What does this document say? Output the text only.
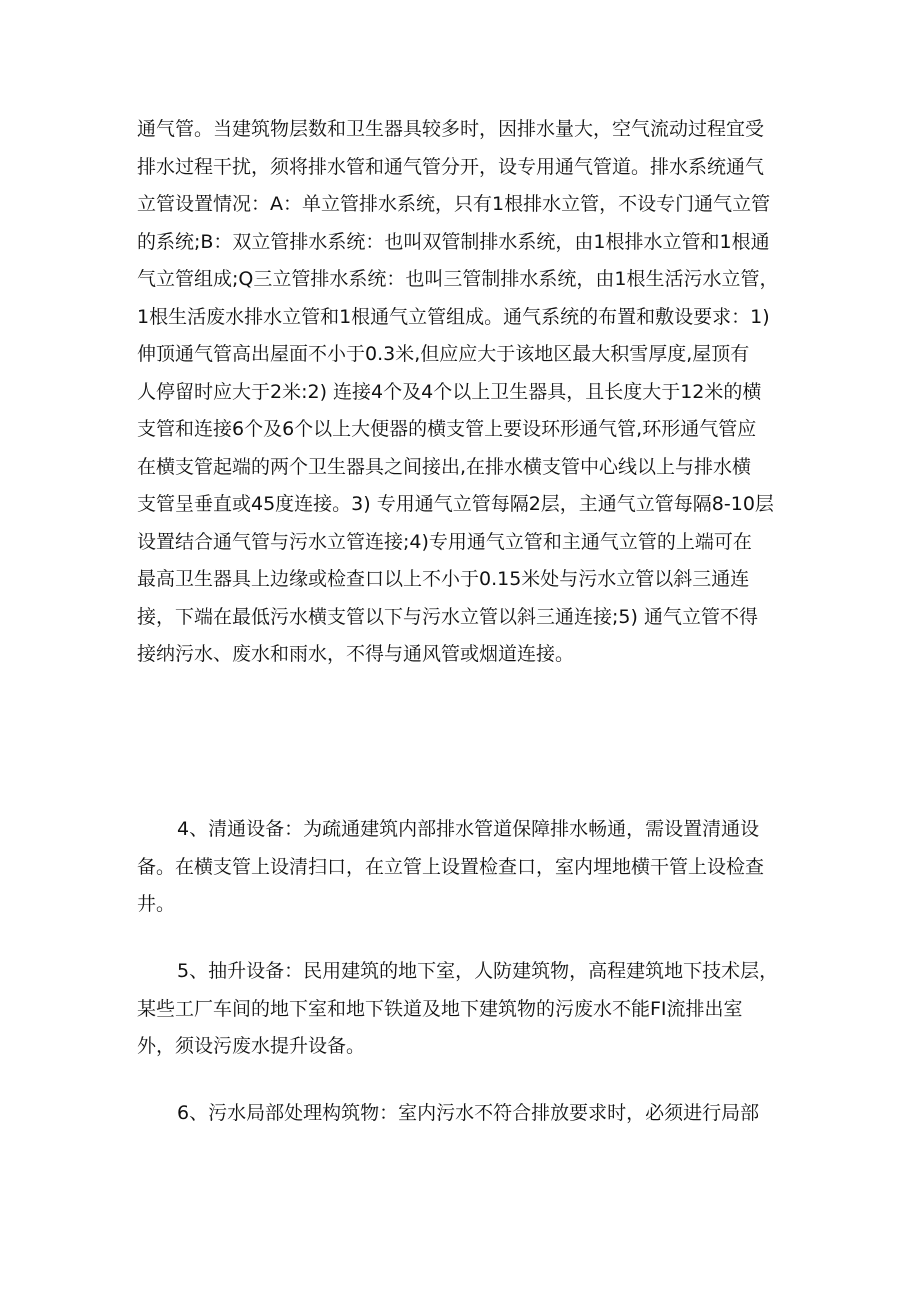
通气管。当建筑物层数和卫生器具较多时，因排水量大，空气流动过程宜受
排水过程干扰，须将排水管和通气管分开，设专用通气管道。排水系统通气
立管设置情况：A：单立管排水系统，只有1根排水立管，不设专门通气立管
的系统;B：双立管排水系统：也叫双管制排水系统，由1根排水立管和1根通
气立管组成;Q三立管排水系统：也叫三管制排水系统，由1根生活污水立管，
1根生活废水排水立管和1根通气立管组成。通气系统的布置和敷设要求：1)
伸顶通气管高出屋面不小于0.3米,但应应大于该地区最大积雪厚度,屋顶有
人停留时应大于2米:2) 连接4个及4个以上卫生器具，且长度大于12米的横
支管和连接6个及6个以上大便器的横支管上要设环形通气管,环形通气管应
在横支管起端的两个卫生器具之间接出,在排水横支管中心线以上与排水横
支管呈垂直或45度连接。3) 专用通气立管每隔2层，主通气立管每隔8-10层
设置结合通气管与污水立管连接;4)专用通气立管和主通气立管的上端可在
最高卫生器具上边缘或检查口以上不小于0.15米处与污水立管以斜三通连
接，下端在最低污水横支管以下与污水立管以斜三通连接;5) 通气立管不得
接纳污水、废水和雨水，不得与通风管或烟道连接。
4、清通设备：为疏通建筑内部排水管道保障排水畅通，需设置清通设
备。在横支管上设清扫口，在立管上设置检查口，室内埋地横干管上设检查
井。
5、抽升设备：民用建筑的地下室，人防建筑物，高程建筑地下技术层，
某些工厂车间的地下室和地下铁道及地下建筑物的污废水不能FI流排出室
外，须设污废水提升设备。
6、污水局部处理构筑物：室内污水不符合排放要求时，必须进行局部
